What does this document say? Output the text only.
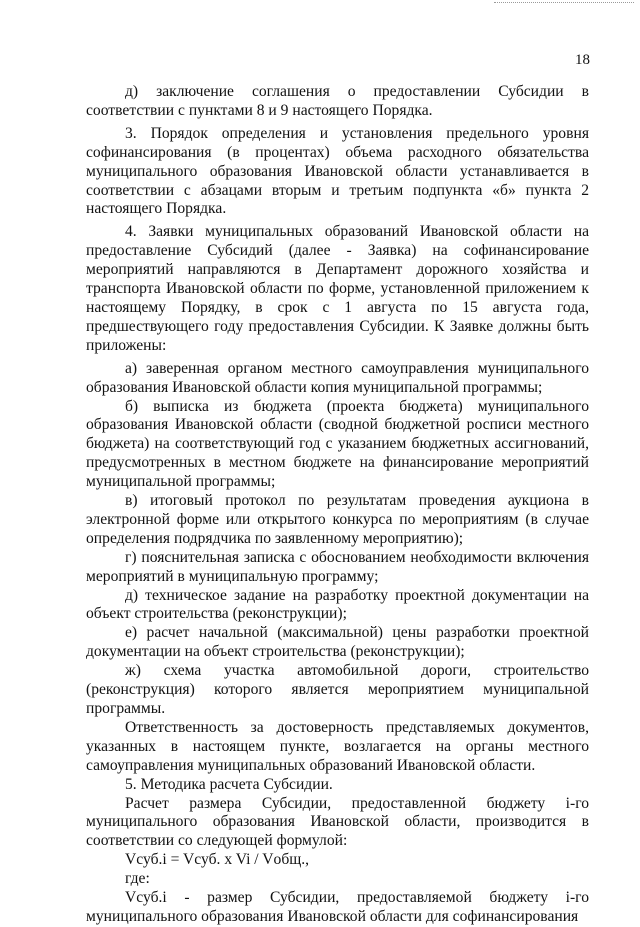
18

д) заключение соглашения о предоставлении Субсидии в соответствии с пунктами 8 и 9 настоящего Порядка.

3. Порядок определения и установления предельного уровня софинансирования (в процентах) объема расходного обязательства муниципального образования Ивановской области устанавливается в соответствии с абзацами вторым и третьим подпункта «б» пункта 2 настоящего Порядка.

4. Заявки муниципальных образований Ивановской области на предоставление Субсидий (далее - Заявка) на софинансирование мероприятий направляются в Департамент дорожного хозяйства и транспорта Ивановской области по форме, установленной приложением к настоящему Порядку, в срок с 1 августа по 15 августа года, предшествующего году предоставления Субсидии. К Заявке должны быть приложены:

а) заверенная органом местного самоуправления муниципального образования Ивановской области копия муниципальной программы;

б) выписка из бюджета (проекта бюджета) муниципального образования Ивановской области (сводной бюджетной росписи местного бюджета) на соответствующий год с указанием бюджетных ассигнований, предусмотренных в местном бюджете на финансирование мероприятий муниципальной программы;

в) итоговый протокол по результатам проведения аукциона в электронной форме или открытого конкурса по мероприятиям (в случае определения подрядчика по заявленному мероприятию);

г) пояснительная записка с обоснованием необходимости включения мероприятий в муниципальную программу;

д) техническое задание на разработку проектной документации на объект строительства (реконструкции);

е) расчет начальной (максимальной) цены разработки проектной документации на объект строительства (реконструкции);

ж) схема участка автомобильной дороги, строительство (реконструкция) которого является мероприятием муниципальной программы.

Ответственность за достоверность представляемых документов, указанных в настоящем пункте, возлагается на органы местного самоуправления муниципальных образований Ивановской области.

5. Методика расчета Субсидии.

Расчет размера Субсидии, предоставленной бюджету i-го муниципального образования Ивановской области, производится в соответствии со следующей формулой:

Vсуб.i = Vсуб. x Vi / Vобщ.,

где:

Vсуб.i - размер Субсидии, предоставляемой бюджету i-го муниципального образования Ивановской области для софинансирования
